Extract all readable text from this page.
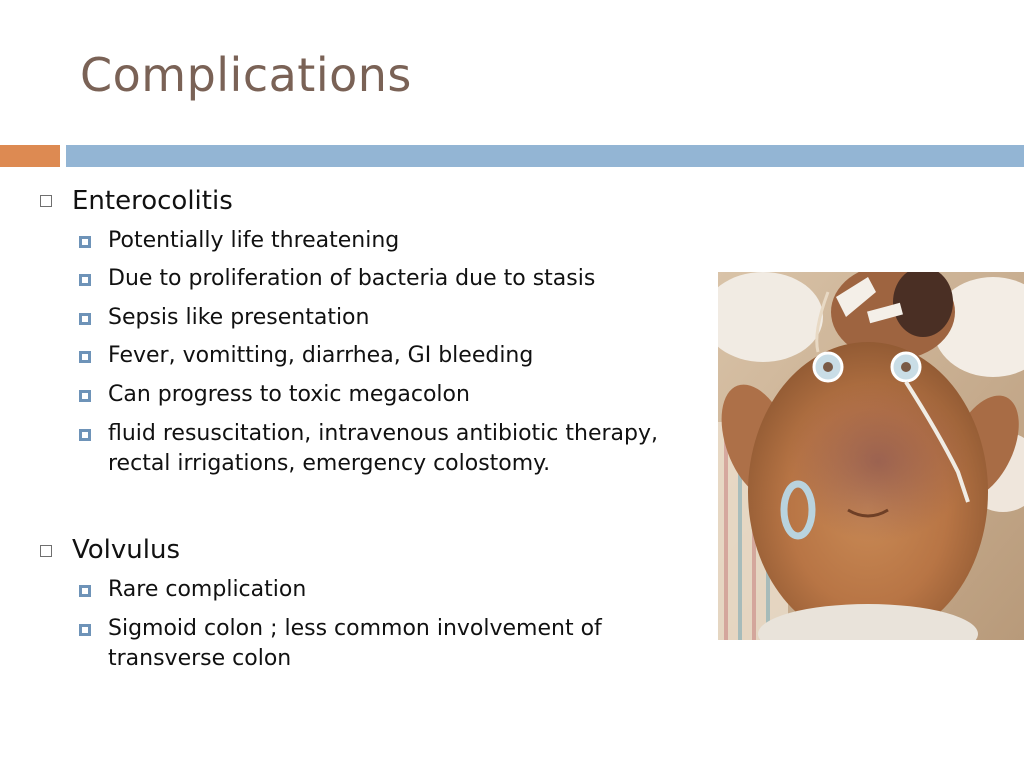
Complications
Enterocolitis
Potentially life threatening
Due to proliferation of bacteria due to stasis
Sepsis like presentation
Fever, vomitting, diarrhea, GI bleeding
Can progress to toxic megacolon
fluid resuscitation, intravenous antibiotic therapy, rectal irrigations, emergency colostomy.
Volvulus
Rare complication
Sigmoid colon ; less common involvement of transverse colon
